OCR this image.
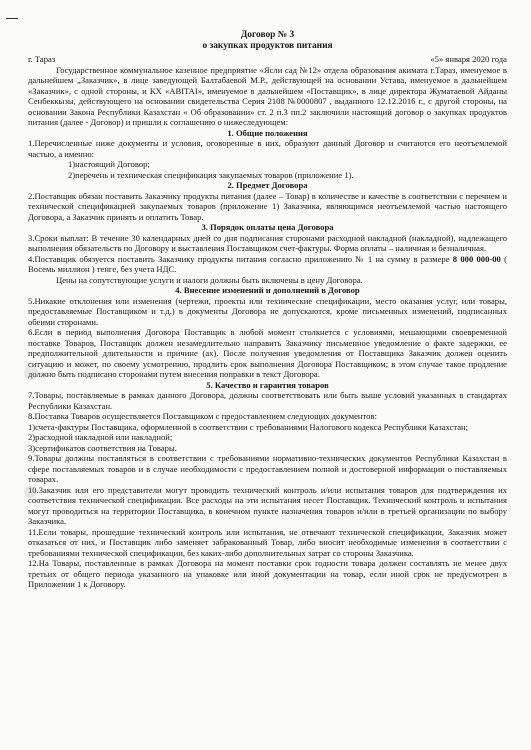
Договор № 3
о закупках продуктов питания
г. Тараз	«5» января 2020 года
Государственное коммунальное казенное предприятие «Ясли сад №12» отдела образования акимата г.Тараз, именуемое в дальнейшем „Заказчик», в лице заведующей Балтабаевой М.Р., действующей на основании Устава, именуемое в дальнейшем «Заказчик», с одной стороны, и КХ «ABITAI», именуемое в дальнейшем «Поставщик», в лице директора Жуматаевой Айданы Сенбеккызы, действующего на основании свидетельства Серия 2108 №0000807 , выданного 12.12.2016 г., с другой стороны, на основании Закона Республики Казахстан « Об образовании» ст. 2 п.3 пп.2 заключили настоящий договор о закупках продуктов питания (далее - Договор) и пришли к соглашению о нижеследующем:
1. Общие положения
1.Перечисленные ниже документы и условия, оговоренные в них, образуют данный Договор и считаются его неотъемлемой частью, а именно:
1)настоящий Договор;
2)перечень и техническая спецификация закупаемых товаров (приложение 1).
2. Предмет Договора
2.Поставщик обязан поставить Заказчику продукты питания (далее – Товар) в количестве и качестве в соответствии с перечнем и технической спецификацией закупаемых товаров (приложение 1) Заказчика, являющимся неотъемлемой частью настоящего Договора, а Заказчик принять и оплатить Товар.
3. Порядок оплаты цена Договора
3.Сроки выплат: В течение 30 календарных дней со дня подписания сторонами расходной накладной (накладной), надлежащего выполнения обязательств по Договору и выставления Поставщиком счет-фактуры. Форма оплаты – наличная и безналичная.
4.Поставщик обязуется поставить Заказчику продукты питания согласно приложению № 1 на сумму в размере 8 000 000-00 ( Восемь миллион ) тенге, без учета НДС.
Цены на сопутствующие услуги и налоги должны быть включены в цену Договора.
4. Внесение изменений и дополнений в Договор
5.Никакие отклонения или изменения (чертежи, проекты или технические спецификации, место оказания услуг, или товары, предоставляемые Поставщиком и т.д.) в документы Договора не допускаются, кроме письменных изменений, подписанных обеими сторонами.
6.Если в период выполнения Договора Поставщик в любой момент столкнется с условиями, мешающими своевременной поставке Товаров, Поставщик должен незамедлительно направить Заказчику письменное уведомление о факте задержки, ее предполжительной длительности и причине (ах). После получения уведомления от Поставщика Заказчик должен оценить ситуацию и может, по своему усмотрению, продлить срок выполнения Договора Поставщиком; в этом случае такое продление должно быть подписано сторонами путем внесения поправки в текст Договора.
5. Качество и гарантия товаров
7.Товары, поставляемые в рамках данного Договора, должны соответствовать или быть выше условий указанных в стандартах Республики Казахстан.
8.Поставка Товаров осуществляется Поставщиком с предоставлением следующих документов:
1)счета-фактуры Поставщика, оформленной в соответствии с требованиями Налогового кодекса Республики Казахстан;
2)расходной накладной или накладной;
3)сертификатов соответствия на Товары.
9.Товары должны поставляться в соответствии с требованиями нормативно-технических документов Республики Казахстан в сфере поставляемых товаров и в случае необходимости с предоставлением полной и достоверной информации о поставляемых товарах.
10.Заказчик или его представители могут проводить технический контроль и/или испытания товаров для подтверждения их соответствия технической спецификации. Все расходы на эти испытания несет Поставщик. Технический контроль и испытания могут проводиться на территории Поставщика, в конечном пункте назначения товаров и/или в третьей организации по выбору Заказчика.
11.Если товары, прошедшие технический контроль или испытания, не отвечают технической спецификации, Заказчик может отказаться от них, и Поставщик либо заменяет забракованный Товар, либо вносит необходимые изменения в соответствии с требованиями технической спецификации, без каких-либо дополнительных затрат со стороны Заказчика.
12.На Товары, поставленные в рамках Договора на момент поставки срок годности товара должен составлять не менее двух третьих от общего периода указанного на упаковке или иной документации на товар, если иной срок не предусмотрен в Приложении 1 к Договору.
